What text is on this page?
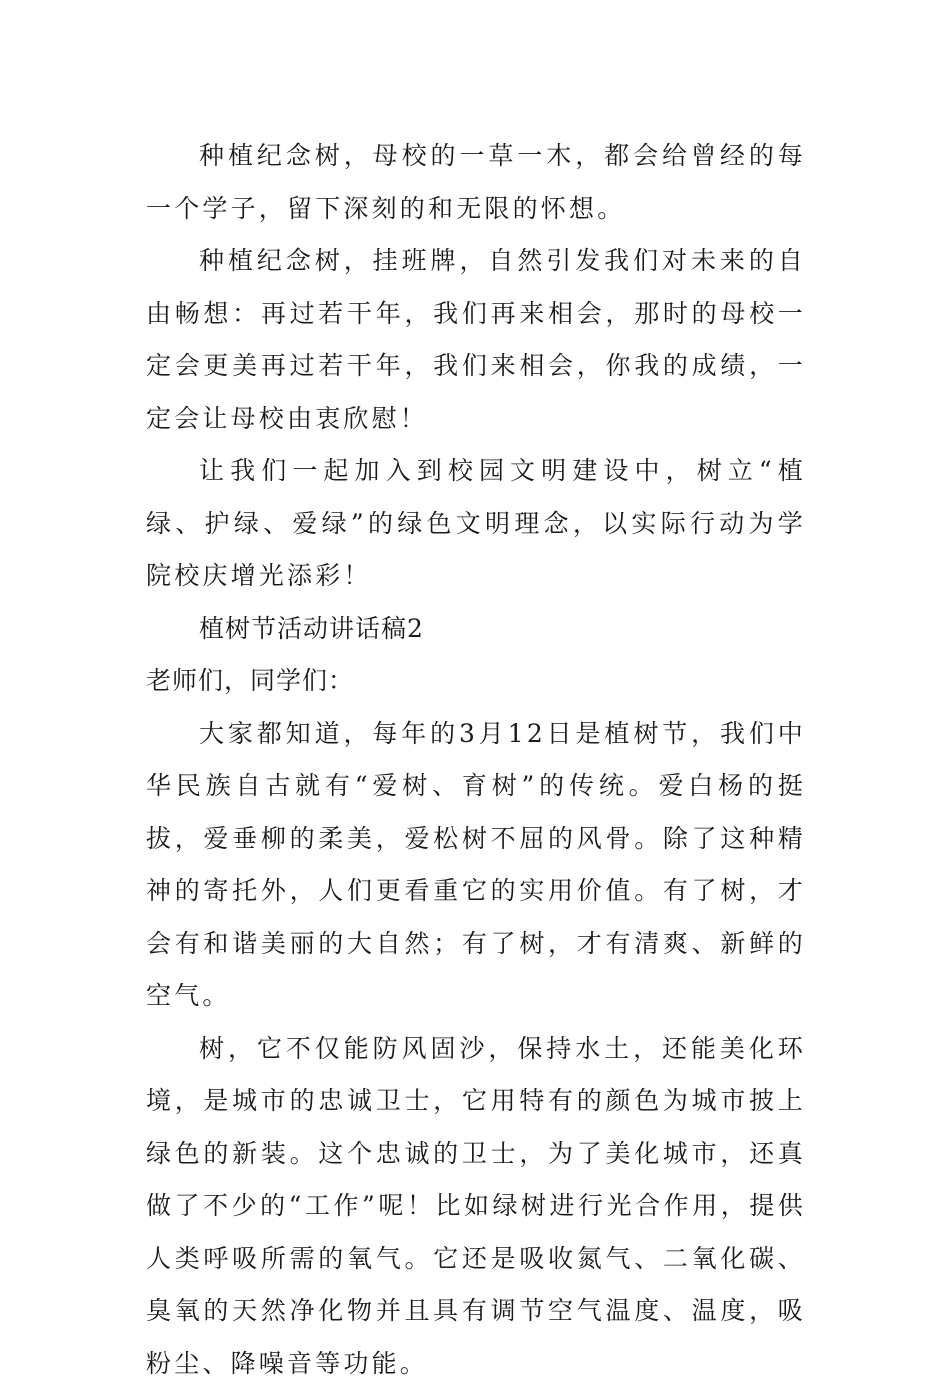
种植纪念树，母校的一草一木，都会给曾经的每一个学子，留下深刻的和无限的怀想。

种植纪念树，挂班牌，自然引发我们对未来的自由畅想：再过若干年，我们再来相会，那时的母校一定会更美再过若干年，我们来相会，你我的成绩，一定会让母校由衷欣慰！

让我们一起加入到校园文明建设中，树立“植绿、护绿、爱绿”的绿色文明理念，以实际行动为学院校庆增光添彩！

植树节活动讲话稿2

老师们，同学们：

大家都知道，每年的3月12日是植树节，我们中华民族自古就有“爱树、育树”的传统。爱白杨的挺拔，爱垂柳的柔美，爱松树不屈的风骨。除了这种精神的寄托外，人们更看重它的实用价值。有了树，才会有和谐美丽的大自然；有了树，才有清爽、新鲜的空气。

树，它不仅能防风固沙，保持水土，还能美化环境，是城市的忠诚卫士，它用特有的颜色为城市披上绿色的新装。这个忠诚的卫士，为了美化城市，还真做了不少的“工作”呢！比如绿树进行光合作用，提供人类呼吸所需的氧气。它还是吸收氮气、二氧化碳、臭氧的天然净化物并且具有调节空气温度、温度，吸粉尘、降噪音等功能。
